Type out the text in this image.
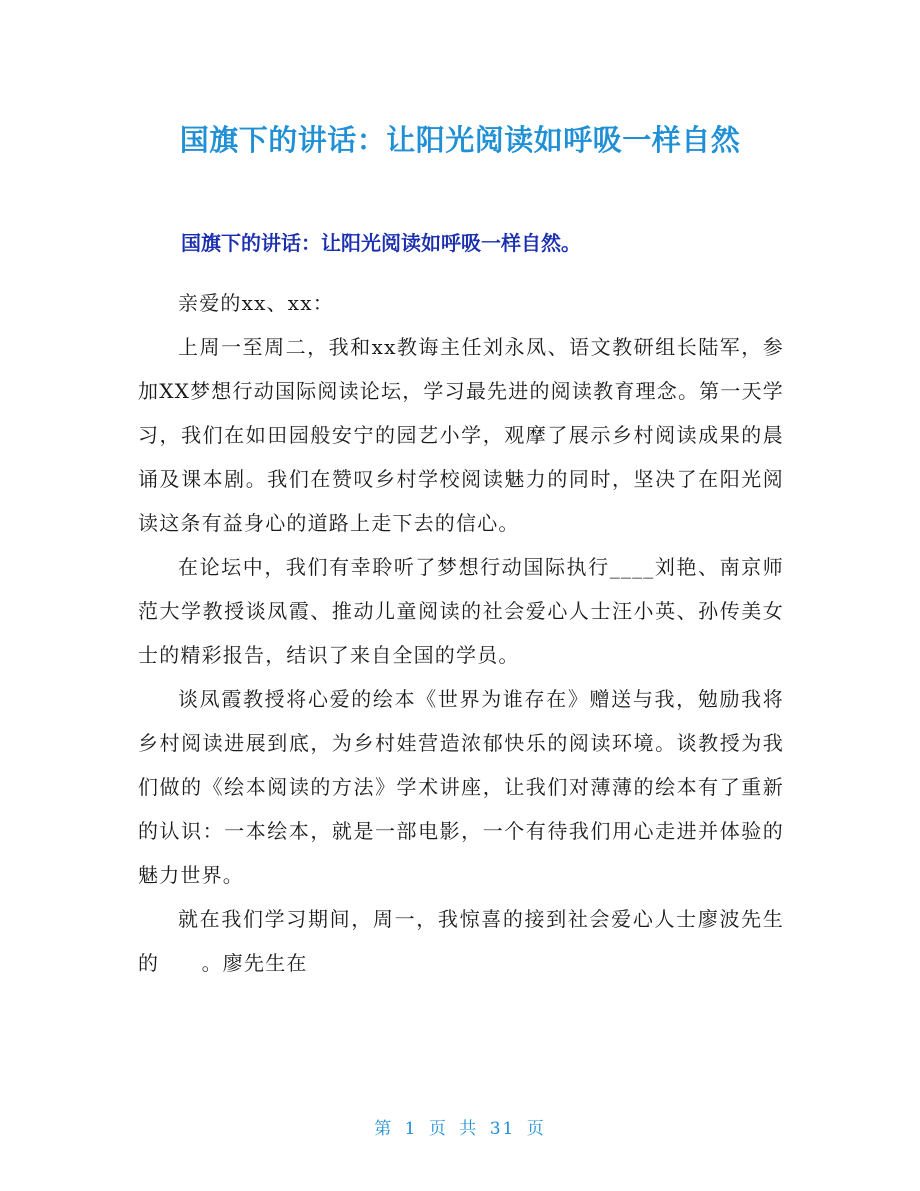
国旗下的讲话：让阳光阅读如呼吸一样自然
国旗下的讲话：让阳光阅读如呼吸一样自然。

亲爱的xx、xx：

上周一至周二，我和xx教诲主任刘永凤、语文教研组长陆军，参加XX梦想行动国际阅读论坛，学习最先进的阅读教育理念。第一天学习，我们在如田园般安宁的园艺小学，观摩了展示乡村阅读成果的晨诵及课本剧。我们在赞叹乡村学校阅读魅力的同时，坚决了在阳光阅读这条有益身心的道路上走下去的信心。

在论坛中，我们有幸聆听了梦想行动国际执行____刘艳、南京师范大学教授谈凤霞、推动儿童阅读的社会爱心人士汪小英、孙传美女士的精彩报告，结识了来自全国的学员。

谈凤霞教授将心爱的绘本《世界为谁存在》赠送与我，勉励我将乡村阅读进展到底，为乡村娃营造浓郁快乐的阅读环境。谈教授为我们做的《绘本阅读的方法》学术讲座，让我们对薄薄的绘本有了重新的认识：一本绘本，就是一部电影，一个有待我们用心走进并体验的魅力世界。

就在我们学习期间，周一，我惊喜的接到社会爱心人士廖波先生的　　。廖先生在

第 1 页 共 31 页
